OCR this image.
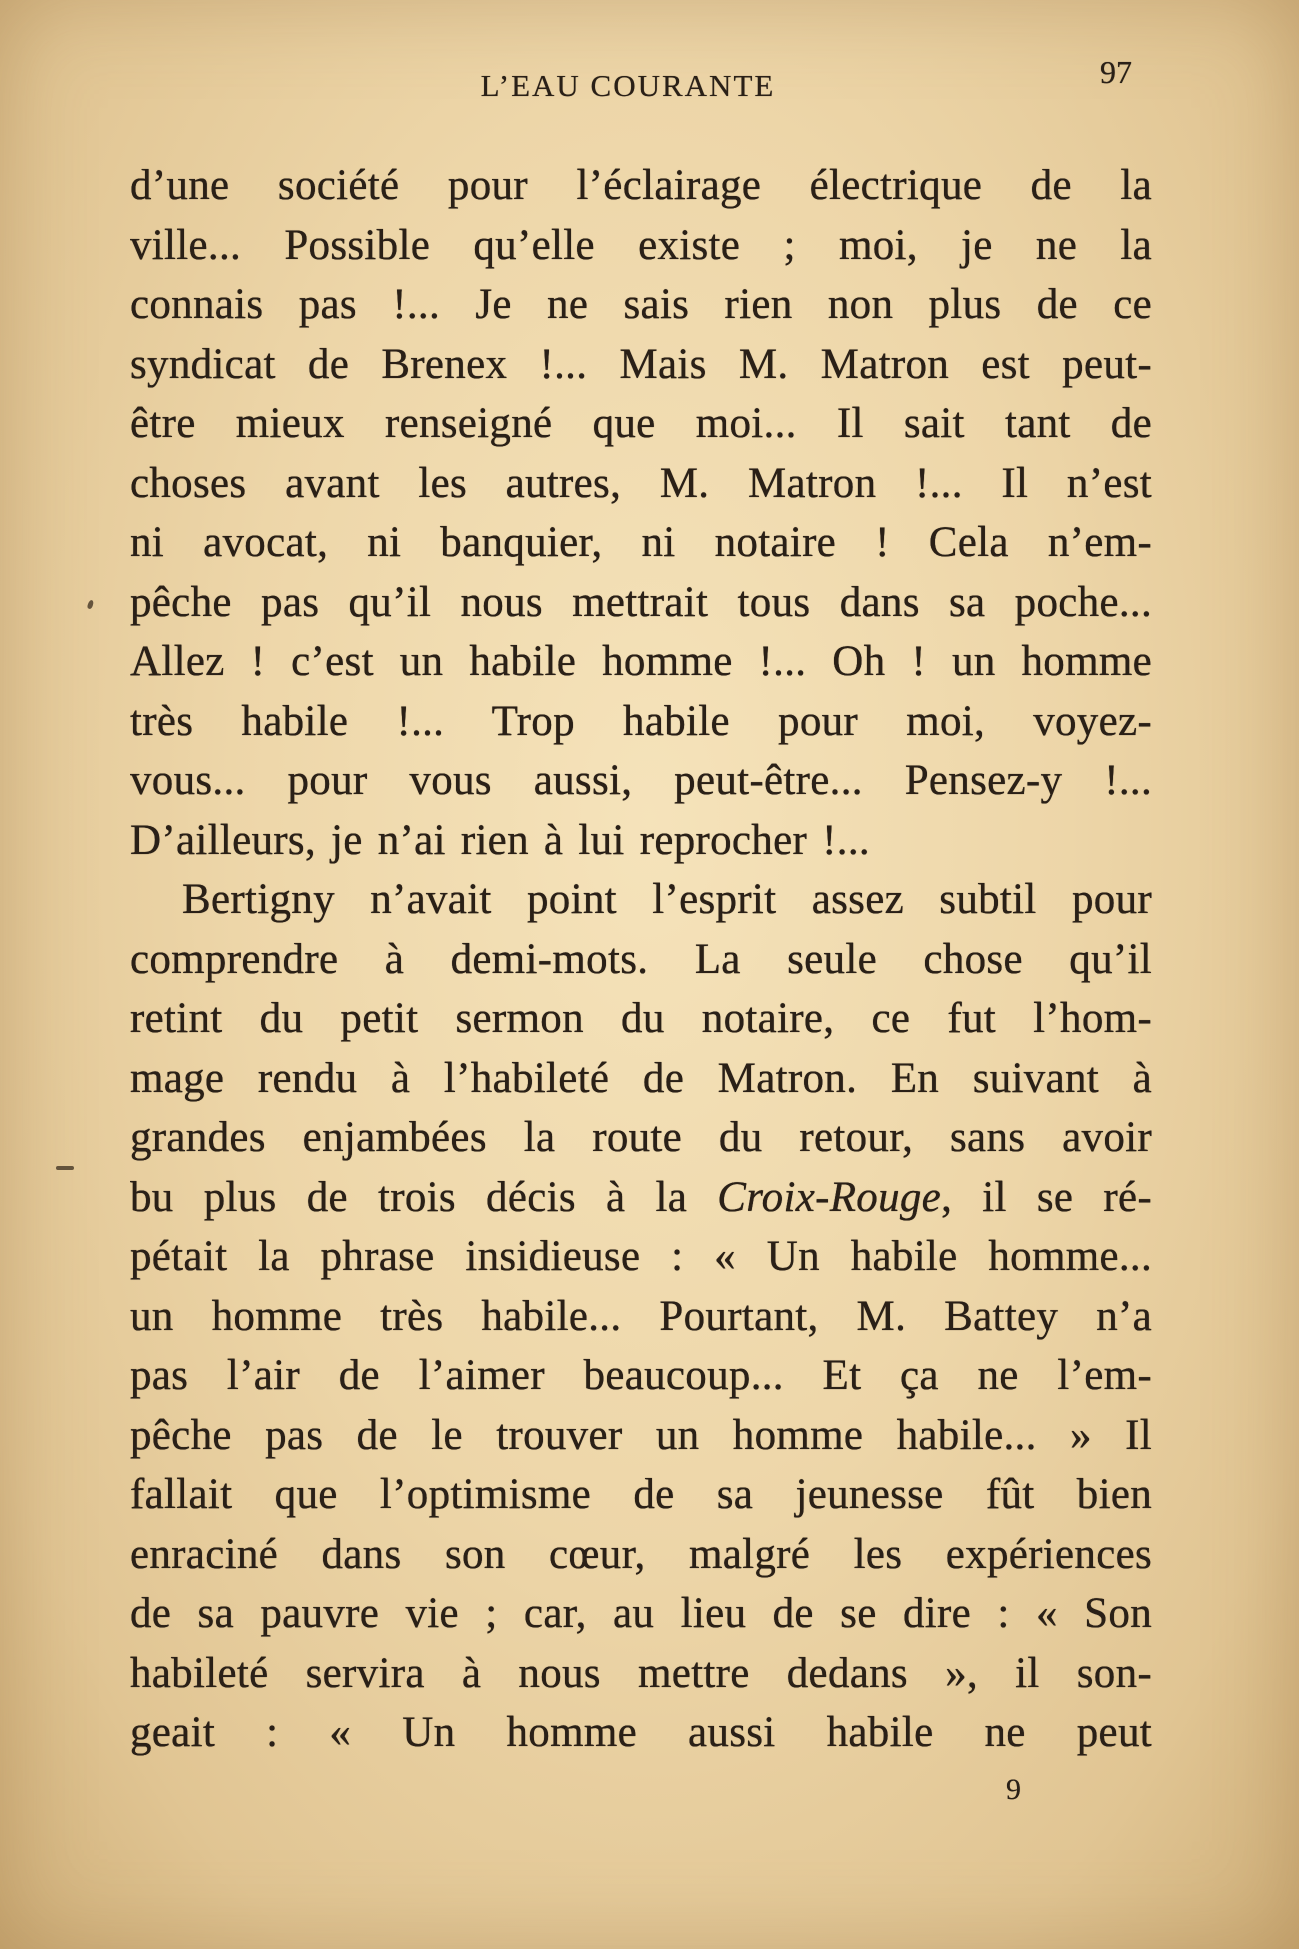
L’EAU COURANTE	97
d’une société pour l’éclairage électrique de la
ville... Possible qu’elle existe ; moi, je ne la
connais pas !... Je ne sais rien non plus de ce
syndicat de Brenex !... Mais M. Matron est peut-
être mieux renseigné que moi... Il sait tant de
choses avant les autres, M. Matron !... Il n’est
ni avocat, ni banquier, ni notaire ! Cela n’em-
pêche pas qu’il nous mettrait tous dans sa poche...
Allez ! c’est un habile homme !... Oh ! un homme
très habile !... Trop habile pour moi, voyez-
vous... pour vous aussi, peut-être... Pensez-y !...
D’ailleurs, je n’ai rien à lui reprocher !...
Bertigny n’avait point l’esprit assez subtil pour
comprendre à demi-mots. La seule chose qu’il
retint du petit sermon du notaire, ce fut l’hom-
mage rendu à l’habileté de Matron. En suivant à
grandes enjambées la route du retour, sans avoir
bu plus de trois décis à la Croix-Rouge, il se ré-
pétait la phrase insidieuse : « Un habile homme...
un homme très habile... Pourtant, M. Battey n’a
pas l’air de l’aimer beaucoup... Et ça ne l’em-
pêche pas de le trouver un homme habile... » Il
fallait que l’optimisme de sa jeunesse fût bien
enraciné dans son cœur, malgré les expériences
de sa pauvre vie ; car, au lieu de se dire : « Son
habileté servira à nous mettre dedans », il son-
geait : « Un homme aussi habile ne peut
9
